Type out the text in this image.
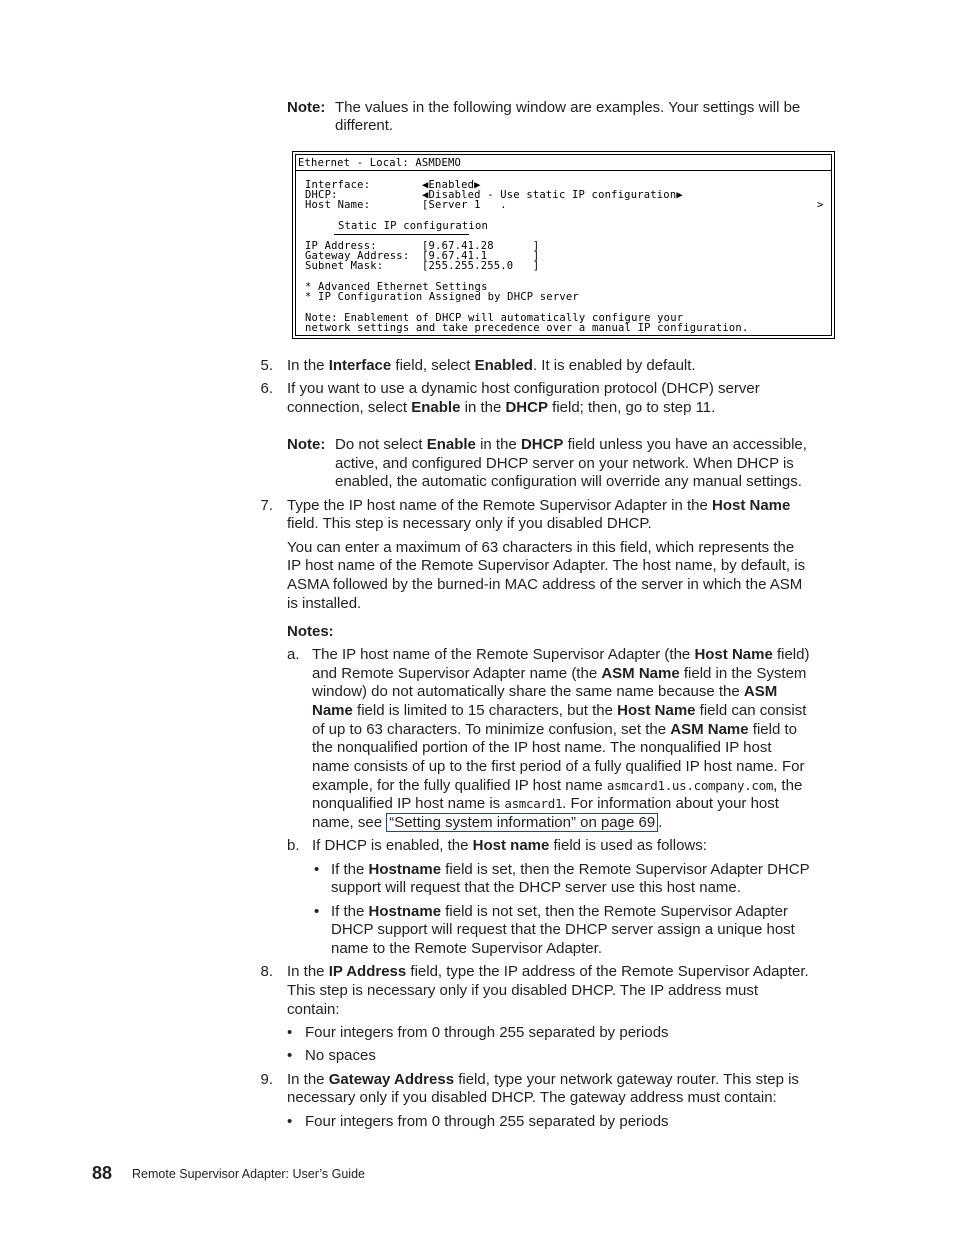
Note: The values in the following window are examples. Your settings will be
different.
Ethernet - Local: ASMDEMO
Interface:	◀Enabled▶
DHCP:	◀Disabled - Use static IP configuration▶
Host Name:	[Server 1   .	>
Static IP configuration
IP Address:	[9.67.41.28      ]
Gateway Address: [9.67.41.1       ]
Subnet Mask:	[255.255.255.0   ]
* Advanced Ethernet Settings
* IP Configuration Assigned by DHCP server
Note: Enablement of DHCP will automatically configure your
network settings and take precedence over a manual IP configuration.
5. In the Interface field, select Enabled. It is enabled by default.
6. If you want to use a dynamic host configuration protocol (DHCP) server
connection, select Enable in the DHCP field; then, go to step 11.
Note: Do not select Enable in the DHCP field unless you have an accessible,
active, and configured DHCP server on your network. When DHCP is
enabled, the automatic configuration will override any manual settings.
7. Type the IP host name of the Remote Supervisor Adapter in the Host Name
field. This step is necessary only if you disabled DHCP.
You can enter a maximum of 63 characters in this field, which represents the
IP host name of the Remote Supervisor Adapter. The host name, by default, is
ASMA followed by the burned-in MAC address of the server in which the ASM
is installed.
Notes:
a. The IP host name of the Remote Supervisor Adapter (the Host Name field)
and Remote Supervisor Adapter name (the ASM Name field in the System
window) do not automatically share the same name because the ASM
Name field is limited to 15 characters, but the Host Name field can consist
of up to 63 characters. To minimize confusion, set the ASM Name field to
the nonqualified portion of the IP host name. The nonqualified IP host
name consists of up to the first period of a fully qualified IP host name. For
example, for the fully qualified IP host name asmcard1.us.company.com, the
nonqualified IP host name is asmcard1. For information about your host
name, see “Setting system information” on page 69 .
b. If DHCP is enabled, the Host name field is used as follows:
• If the Hostname field is set, then the Remote Supervisor Adapter DHCP
support will request that the DHCP server use this host name.
• If the Hostname field is not set, then the Remote Supervisor Adapter
DHCP support will request that the DHCP server assign a unique host
name to the Remote Supervisor Adapter.
8. In the IP Address field, type the IP address of the Remote Supervisor Adapter.
This step is necessary only if you disabled DHCP. The IP address must
contain:
• Four integers from 0 through 255 separated by periods
• No spaces
9. In the Gateway Address field, type your network gateway router. This step is
necessary only if you disabled DHCP. The gateway address must contain:
• Four integers from 0 through 255 separated by periods
88 Remote Supervisor Adapter: User’s Guide
